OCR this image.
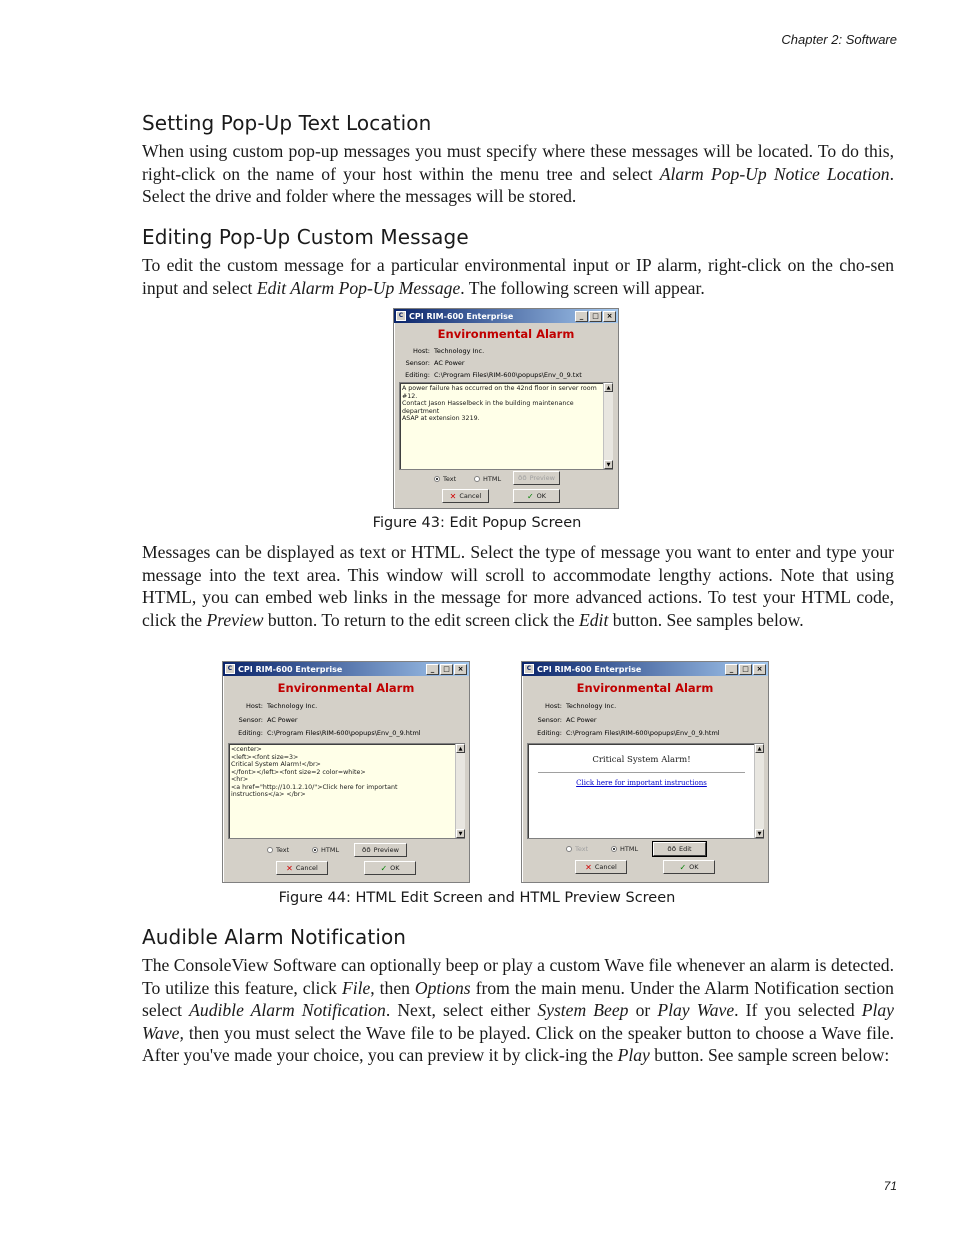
Chapter 2: Software
Setting Pop-Up Text Location

When using custom pop-up messages you must specify where these messages will be located. To do this, right-click on the name of your host within the menu tree and select Alarm Pop-Up Notice Location. Select the drive and folder where the messages will be stored.

Editing Pop-Up Custom Message

To edit the custom message for a particular environmental input or IP alarm, right-click on the cho-sen input and select Edit Alarm Pop-Up Message. The following screen will appear.

C CPI RIM-600 Enterprise	_	□	×
Environmental Alarm
Host: Technology Inc.
Sensor: AC Power
Editing: C:\Program Files\RIM-600\popups\Env_0_9.txt
A power failure has occurred on the 42nd floor in server room #12.
Contact Jason Hasselbeck in the building maintenance department
ASAP at extension 3219.
▲
▼
Text	HTML ōō Preview
✕ Cancel	✓ OK
Figure 43: Edit Popup Screen

Messages can be displayed as text or HTML. Select the type of message you want to enter and type your message into the text area. This window will scroll to accommodate lengthy actions. Note that using HTML, you can embed web links in the message for more advanced actions. To test your HTML code, click the Preview button. To return to the edit screen click the Edit button. See samples below.

C CPI RIM-600 Enterprise	_	□	×
Environmental Alarm
Host: Technology Inc.
Sensor: AC Power
Editing: C:\Program Files\RIM-600\popups\Env_0_9.html
<center>
<left><font size=3>
Critical System Alarm!</br>
</font></left><font size=2 color=white>
<hr>
<a href="http://10.1.2.10/">Click here for important
instructions</a> </br>
▲
▼
Text	HTML	ōō Preview
✕ Cancel	✓ OK
C CPI RIM-600 Enterprise	_	□	×
Environmental Alarm
Host: Technology Inc.
Sensor: AC Power
Editing: C:\Program Files\RIM-600\popups\Env_0_9.html

Critical System Alarm!

Click here for important instructions

▲
▼
Text	HTML	ōō Edit
✕ Cancel	✓ OK
Figure 44: HTML Edit Screen and HTML Preview Screen
Audible Alarm Notification

The ConsoleView Software can optionally beep or play a custom Wave file whenever an alarm is detected. To utilize this feature, click File, then Options from the main menu. Under the Alarm Notification section select Audible Alarm Notification. Next, select either System Beep or Play Wave. If you selected Play Wave, then you must select the Wave file to be played. Click on the speaker button to choose a Wave file. After you've made your choice, you can preview it by click-ing the Play button. See sample screen below:

71
